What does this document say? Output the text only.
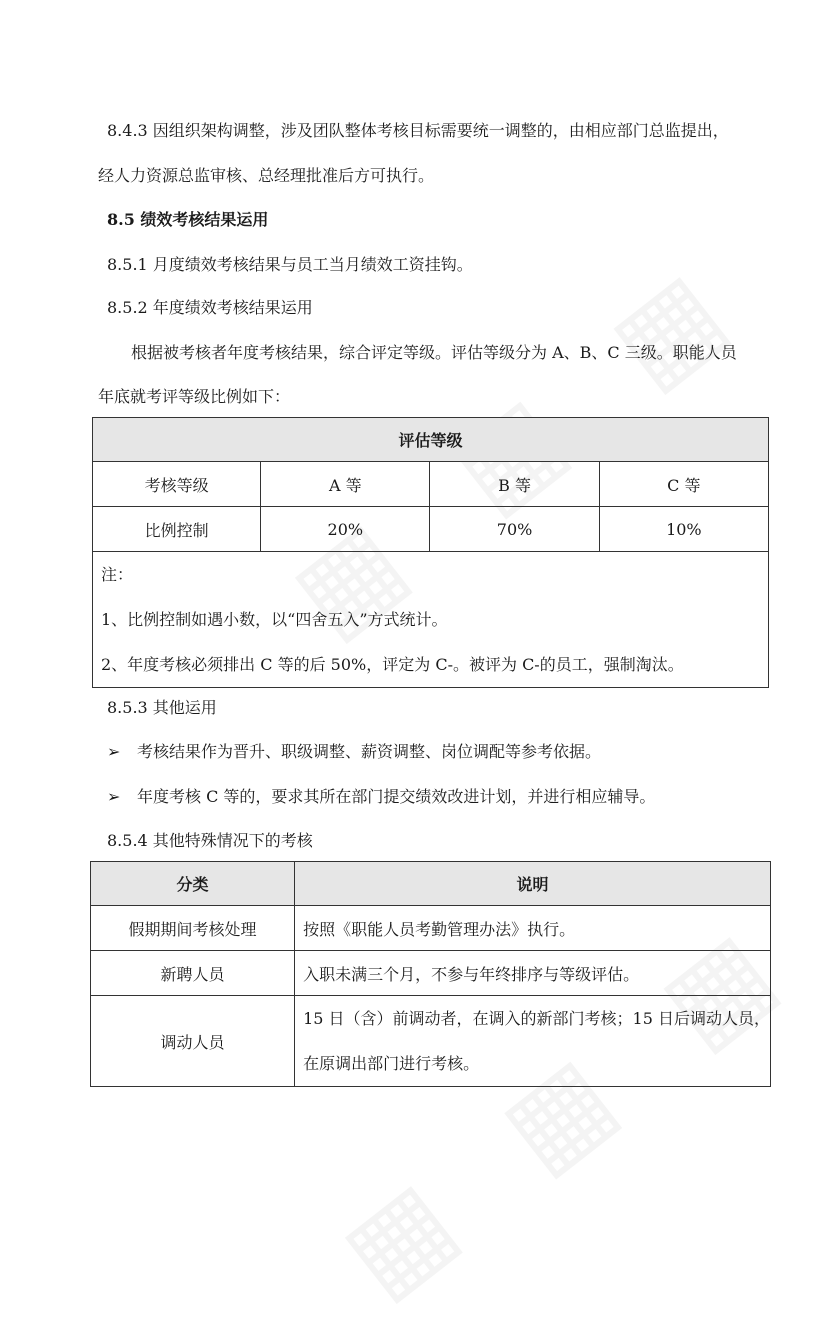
8.4.3 因组织架构调整，涉及团队整体考核目标需要统一调整的，由相应部门总监提出，
经人力资源总监审核、总经理批准后方可执行。
8.5 绩效考核结果运用
8.5.1 月度绩效考核结果与员工当月绩效工资挂钩。
8.5.2 年度绩效考核结果运用
根据被考核者年度考核结果，综合评定等级。评估等级分为 A、B、C 三级。职能人员
年底就考评等级比例如下：
评估等级			
考核等级	A 等	B 等	C 等
比例控制	20%	70%	10%

注：
1、比例控制如遇小数，以“四舍五入”方式统计。
2、年度考核必须排出 C 等的后 50%，评定为 C-。被评为 C-的员工，强制淘汰。			
8.5.3 其他运用
➢ 考核结果作为晋升、职级调整、薪资调整、岗位调配等参考依据。
➢ 年度考核 C 等的，要求其所在部门提交绩效改进计划，并进行相应辅导。
8.5.4 其他特殊情况下的考核
分类	说明
假期期间考核处理	按照《职能人员考勤管理办法》执行。
新聘人员	入职未满三个月，不参与年终排序与等级评估。
调动人员	15 日（含）前调动者，在调入的新部门考核；15 日后调动人员，
在原调出部门进行考核。
